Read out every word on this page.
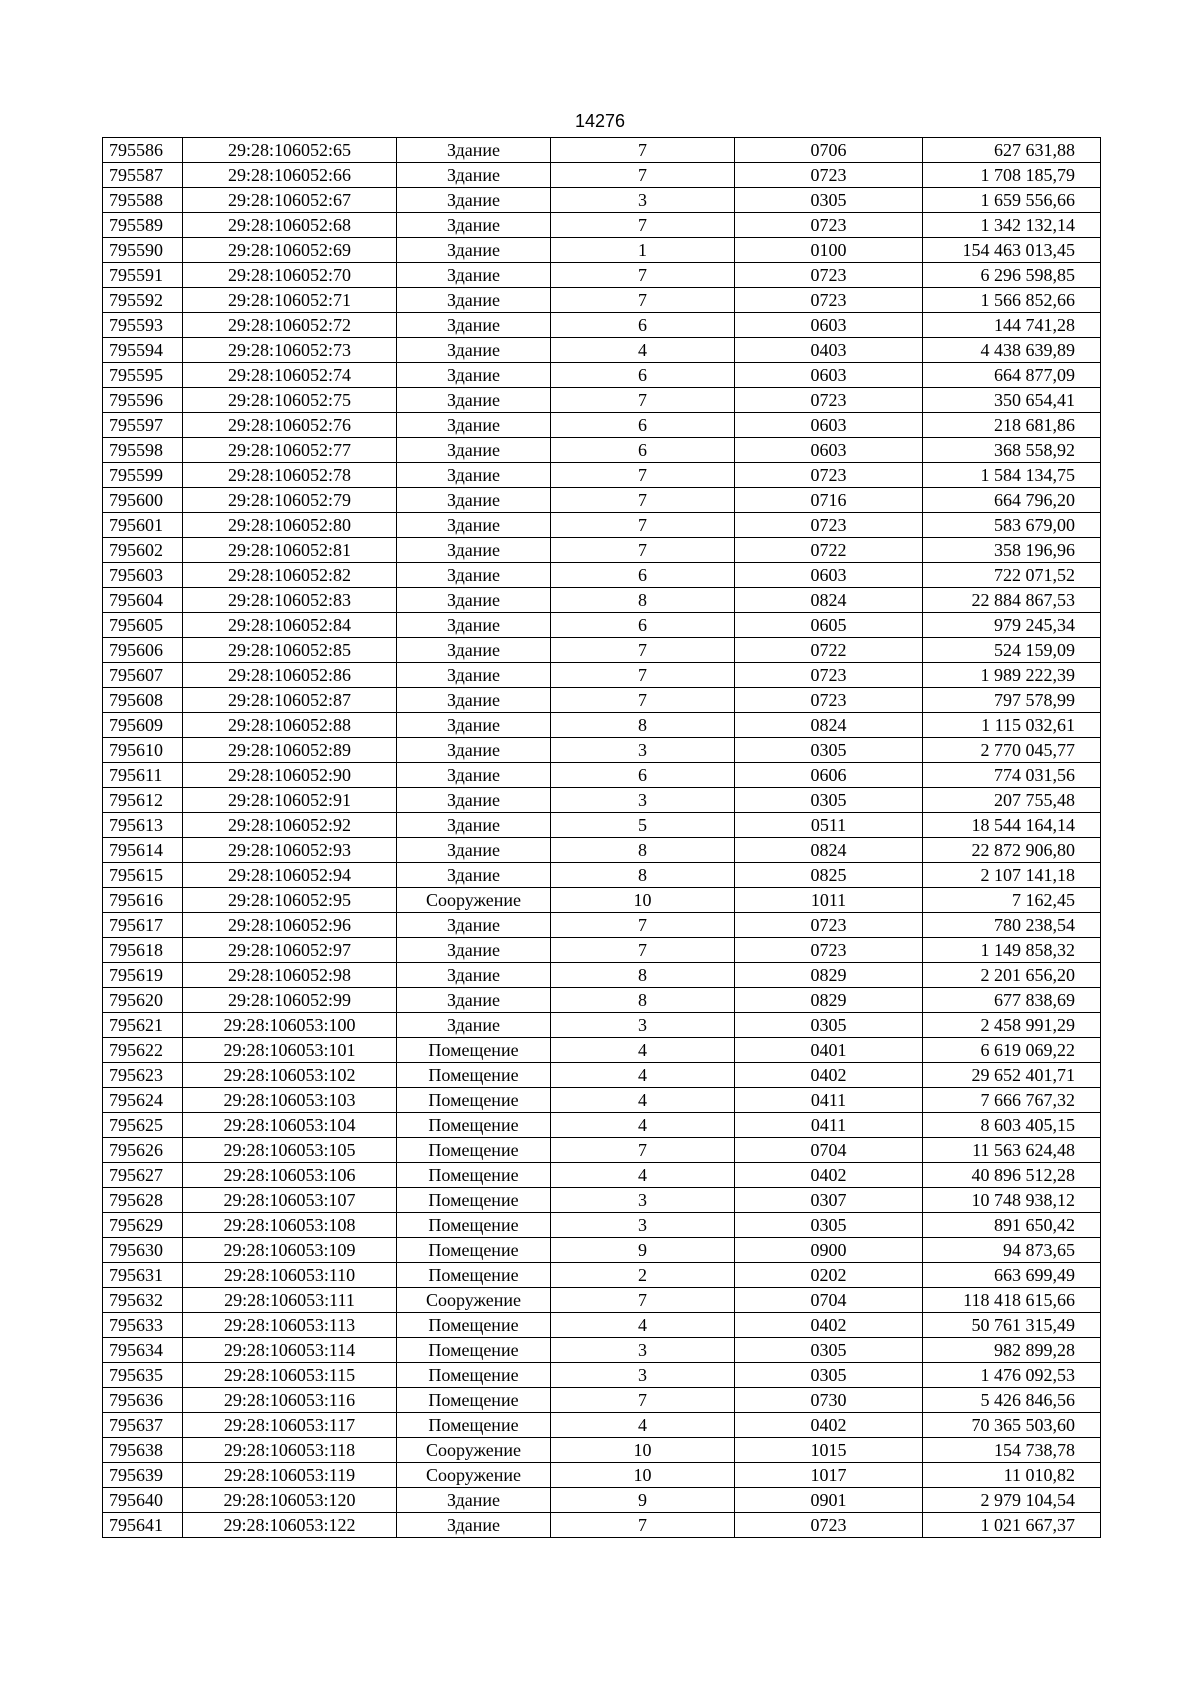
14276
795586	29:28:106052:65	Здание	7	0706	627 631,88
795587	29:28:106052:66	Здание	7	0723	1 708 185,79
795588	29:28:106052:67	Здание	3	0305	1 659 556,66
795589	29:28:106052:68	Здание	7	0723	1 342 132,14
795590	29:28:106052:69	Здание	1	0100	154 463 013,45
795591	29:28:106052:70	Здание	7	0723	6 296 598,85
795592	29:28:106052:71	Здание	7	0723	1 566 852,66
795593	29:28:106052:72	Здание	6	0603	144 741,28
795594	29:28:106052:73	Здание	4	0403	4 438 639,89
795595	29:28:106052:74	Здание	6	0603	664 877,09
795596	29:28:106052:75	Здание	7	0723	350 654,41
795597	29:28:106052:76	Здание	6	0603	218 681,86
795598	29:28:106052:77	Здание	6	0603	368 558,92
795599	29:28:106052:78	Здание	7	0723	1 584 134,75
795600	29:28:106052:79	Здание	7	0716	664 796,20
795601	29:28:106052:80	Здание	7	0723	583 679,00
795602	29:28:106052:81	Здание	7	0722	358 196,96
795603	29:28:106052:82	Здание	6	0603	722 071,52
795604	29:28:106052:83	Здание	8	0824	22 884 867,53
795605	29:28:106052:84	Здание	6	0605	979 245,34
795606	29:28:106052:85	Здание	7	0722	524 159,09
795607	29:28:106052:86	Здание	7	0723	1 989 222,39
795608	29:28:106052:87	Здание	7	0723	797 578,99
795609	29:28:106052:88	Здание	8	0824	1 115 032,61
795610	29:28:106052:89	Здание	3	0305	2 770 045,77
795611	29:28:106052:90	Здание	6	0606	774 031,56
795612	29:28:106052:91	Здание	3	0305	207 755,48
795613	29:28:106052:92	Здание	5	0511	18 544 164,14
795614	29:28:106052:93	Здание	8	0824	22 872 906,80
795615	29:28:106052:94	Здание	8	0825	2 107 141,18
795616	29:28:106052:95	Сооружение	10	1011	7 162,45
795617	29:28:106052:96	Здание	7	0723	780 238,54
795618	29:28:106052:97	Здание	7	0723	1 149 858,32
795619	29:28:106052:98	Здание	8	0829	2 201 656,20
795620	29:28:106052:99	Здание	8	0829	677 838,69
795621	29:28:106053:100	Здание	3	0305	2 458 991,29
795622	29:28:106053:101	Помещение	4	0401	6 619 069,22
795623	29:28:106053:102	Помещение	4	0402	29 652 401,71
795624	29:28:106053:103	Помещение	4	0411	7 666 767,32
795625	29:28:106053:104	Помещение	4	0411	8 603 405,15
795626	29:28:106053:105	Помещение	7	0704	11 563 624,48
795627	29:28:106053:106	Помещение	4	0402	40 896 512,28
795628	29:28:106053:107	Помещение	3	0307	10 748 938,12
795629	29:28:106053:108	Помещение	3	0305	891 650,42
795630	29:28:106053:109	Помещение	9	0900	94 873,65
795631	29:28:106053:110	Помещение	2	0202	663 699,49
795632	29:28:106053:111	Сооружение	7	0704	118 418 615,66
795633	29:28:106053:113	Помещение	4	0402	50 761 315,49
795634	29:28:106053:114	Помещение	3	0305	982 899,28
795635	29:28:106053:115	Помещение	3	0305	1 476 092,53
795636	29:28:106053:116	Помещение	7	0730	5 426 846,56
795637	29:28:106053:117	Помещение	4	0402	70 365 503,60
795638	29:28:106053:118	Сооружение	10	1015	154 738,78
795639	29:28:106053:119	Сооружение	10	1017	11 010,82
795640	29:28:106053:120	Здание	9	0901	2 979 104,54
795641	29:28:106053:122	Здание	7	0723	1 021 667,37
